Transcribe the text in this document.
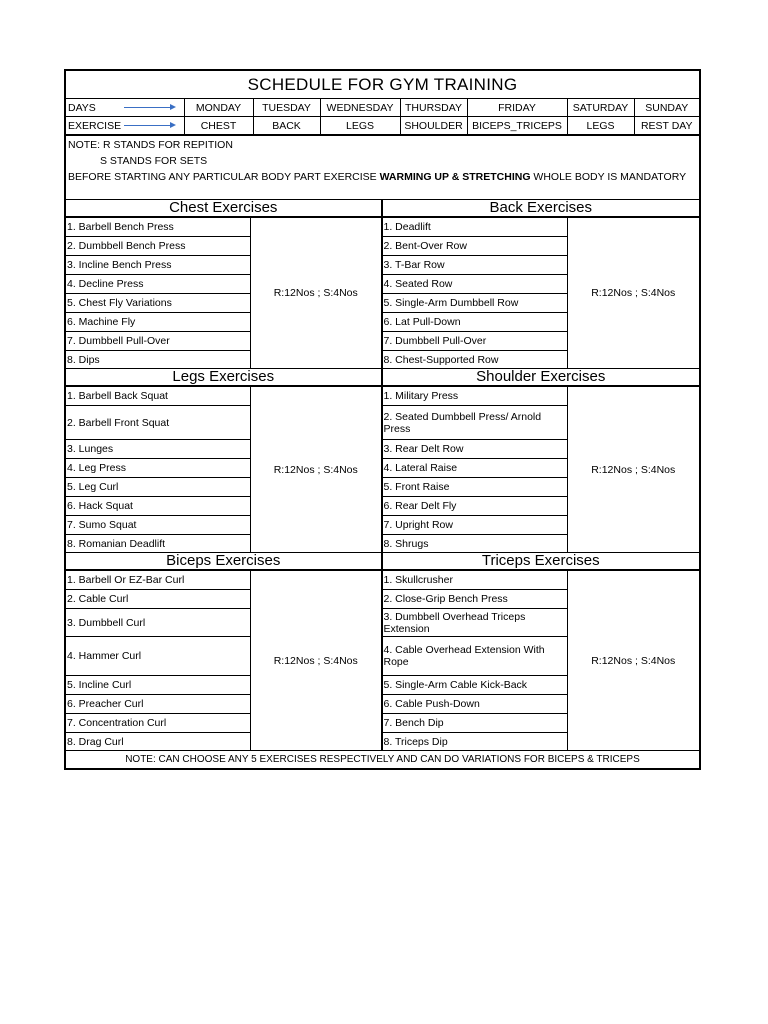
SCHEDULE FOR GYM TRAINING
DAYS	MONDAY	TUESDAY	WEDNESDAY	THURSDAY	FRIDAY	SATURDAY	SUNDAY

EXERCISE	CHEST	BACK	LEGS	SHOULDER	BICEPS_TRICEPS	LEGS	REST DAY
NOTE: R STANDS FOR REPITION
S STANDS FOR SETS
BEFORE STARTING ANY PARTICULAR BODY PART EXERCISE WARMING UP & STRETCHING WHOLE BODY IS MANDATORY
Chest Exercises
1. Barbell Bench Press
2. Dumbbell Bench Press
3. Incline Bench Press
4. Decline Press
5. Chest Fly Variations
6. Machine Fly
7. Dumbbell Pull-Over
8. Dips
R:12Nos ; S:4Nos
Back Exercises
1. Deadlift
2. Bent-Over Row
3. T-Bar Row
4. Seated Row
5. Single-Arm Dumbbell Row
6. Lat Pull-Down
7. Dumbbell Pull-Over
8. Chest-Supported Row
R:12Nos ; S:4Nos
Legs Exercises
1. Barbell Back Squat
2. Barbell Front Squat
3. Lunges
4. Leg Press
5. Leg Curl
6. Hack Squat
7. Sumo Squat
8. Romanian Deadlift
R:12Nos ; S:4Nos
Shoulder Exercises
1. Military Press
2. Seated Dumbbell Press/ Arnold Press
3. Rear Delt Row
4. Lateral Raise
5. Front Raise
6. Rear Delt Fly
7. Upright Row
8. Shrugs
R:12Nos ; S:4Nos
Biceps Exercises
1. Barbell Or EZ-Bar Curl
2. Cable Curl
3. Dumbbell Curl
4. Hammer Curl
5. Incline Curl
6. Preacher Curl
7. Concentration Curl
8. Drag Curl
R:12Nos ; S:4Nos
Triceps Exercises
1. Skullcrusher
2. Close-Grip Bench Press
3. Dumbbell Overhead Triceps Extension
4. Cable Overhead Extension With Rope
5. Single-Arm Cable Kick-Back
6. Cable Push-Down
7. Bench Dip
8. Triceps Dip
R:12Nos ; S:4Nos
NOTE: CAN CHOOSE ANY 5 EXERCISES RESPECTIVELY AND CAN DO VARIATIONS FOR BICEPS & TRICEPS
